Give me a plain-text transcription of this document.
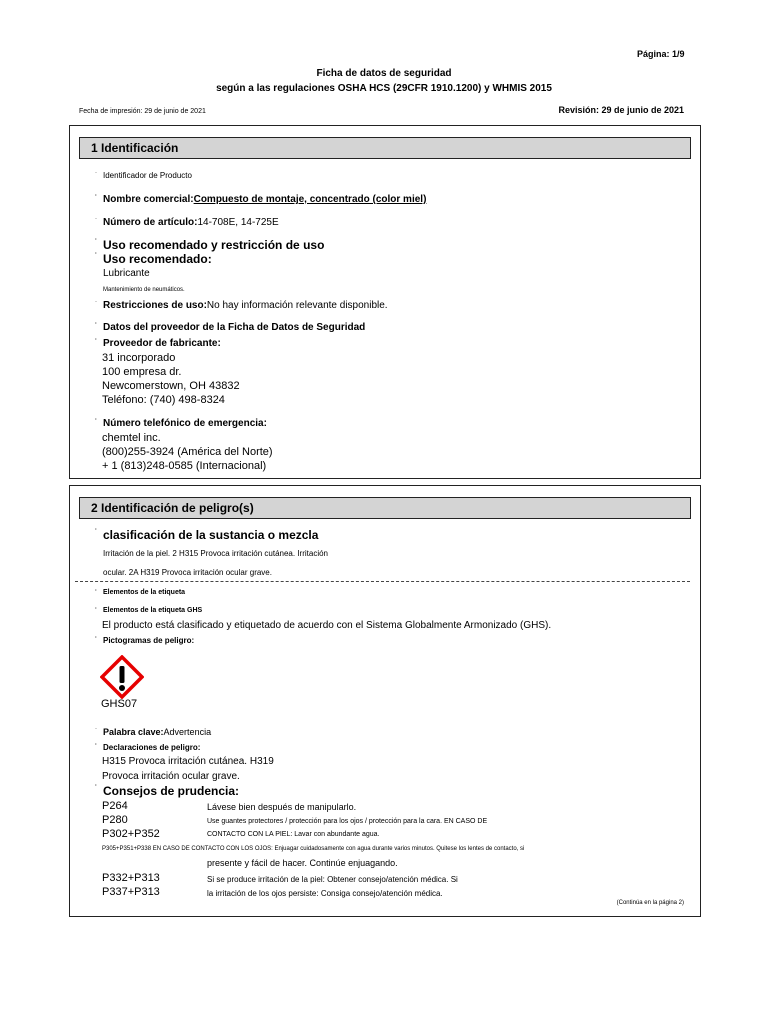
Página: 1/9
Ficha de datos de seguridad
según a las regulaciones OSHA HCS (29CFR 1910.1200) y WHMIS 2015
Fecha de impresión: 29 de junio de 2021	Revisión: 29 de junio de 2021
1 Identificación
· Identificador de Producto
· Nombre comercial:Compuesto de montaje, concentrado (color miel)
· Número de artículo:14-708E, 14-725E
· Uso recomendado y restricción de uso
· Uso recomendado:
Lubricante
Mantenimiento de neumáticos.
· Restricciones de uso:No hay información relevante disponible.
· Datos del proveedor de la Ficha de Datos de Seguridad
· Proveedor de fabricante:
31 incorporado
100 empresa dr.
Newcomerstown, OH 43832
Teléfono: (740) 498-8324
· Número telefónico de emergencia:
chemtel inc.
(800)255-3924 (América del Norte)
+ 1 (813)248-0585 (Internacional)
2 Identificación de peligro(s)
· clasificación de la sustancia o mezcla
Irritación de la piel. 2 H315 Provoca irritación cutánea. Irritación
ocular. 2A H319 Provoca irritación ocular grave.
· Elementos de la etiqueta
· Elementos de la etiqueta GHS
El producto está clasificado y etiquetado de acuerdo con el Sistema Globalmente Armonizado (GHS).
· Pictogramas de peligro:
GHS07
· Palabra clave:Advertencia
· Declaraciones de peligro:
H315 Provoca irritación cutánea. H319
Provoca irritación ocular grave.
· Consejos de prudencia:
P264	Lávese bien después de manipularlo.
P280	Use guantes protectores / protección para los ojos / protección para la cara. EN CASO DE
P302+P352	CONTACTO CON LA PIEL: Lavar con abundante agua.
P305+P351+P338 EN CASO DE CONTACTO CON LOS OJOS: Enjuagar cuidadosamente con agua durante varios minutos. Quitese los lentes de contacto, si
presente y fácil de hacer. Continúe enjuagando.
P332+P313	Si se produce irritación de la piel: Obtener consejo/atención médica. Si
P337+P313	la irritación de los ojos persiste: Consiga consejo/atención médica.
(Continúa en la página 2)
